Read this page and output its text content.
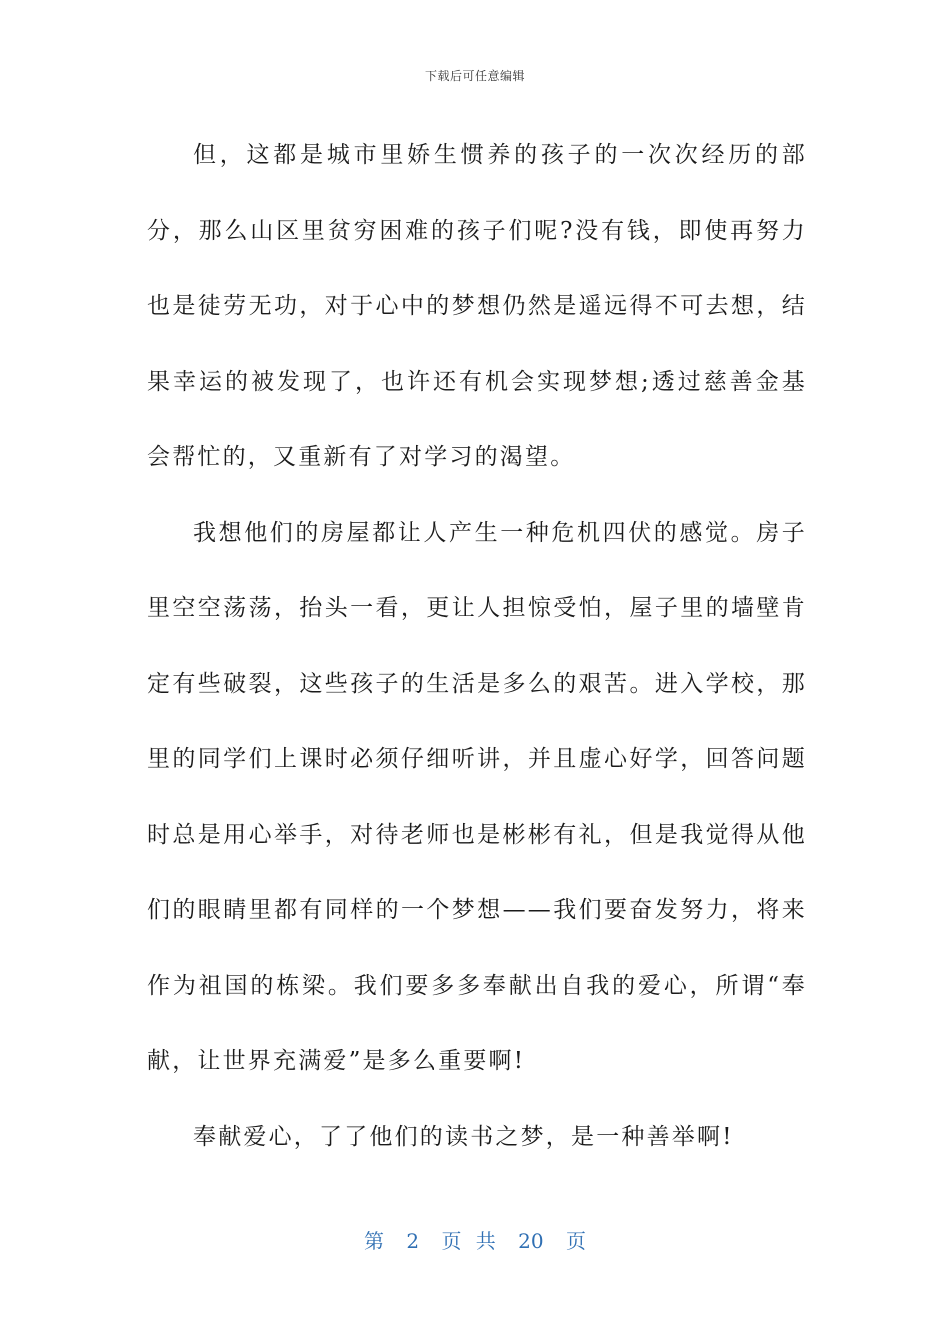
下载后可任意编辑

但，这都是城市里娇生惯养的孩子的一次次经历的部分，那么山区里贫穷困难的孩子们呢?没有钱，即使再努力也是徒劳无功，对于心中的梦想仍然是遥远得不可去想，结果幸运的被发现了，也许还有机会实现梦想;透过慈善金基会帮忙的，又重新有了对学习的渴望。

我想他们的房屋都让人产生一种危机四伏的感觉。房子里空空荡荡，抬头一看，更让人担惊受怕，屋子里的墙壁肯定有些破裂，这些孩子的生活是多么的艰苦。进入学校，那里的同学们上课时必须仔细听讲，并且虚心好学，回答问题时总是用心举手，对待老师也是彬彬有礼，但是我觉得从他们的眼睛里都有同样的一个梦想——我们要奋发努力，将来作为祖国的栋梁。我们要多多奉献出自我的爱心，所谓“奉献，让世界充满爱”是多么重要啊!

奉献爱心，了了他们的读书之梦，是一种善举啊!

第 2 页 共 20 页
